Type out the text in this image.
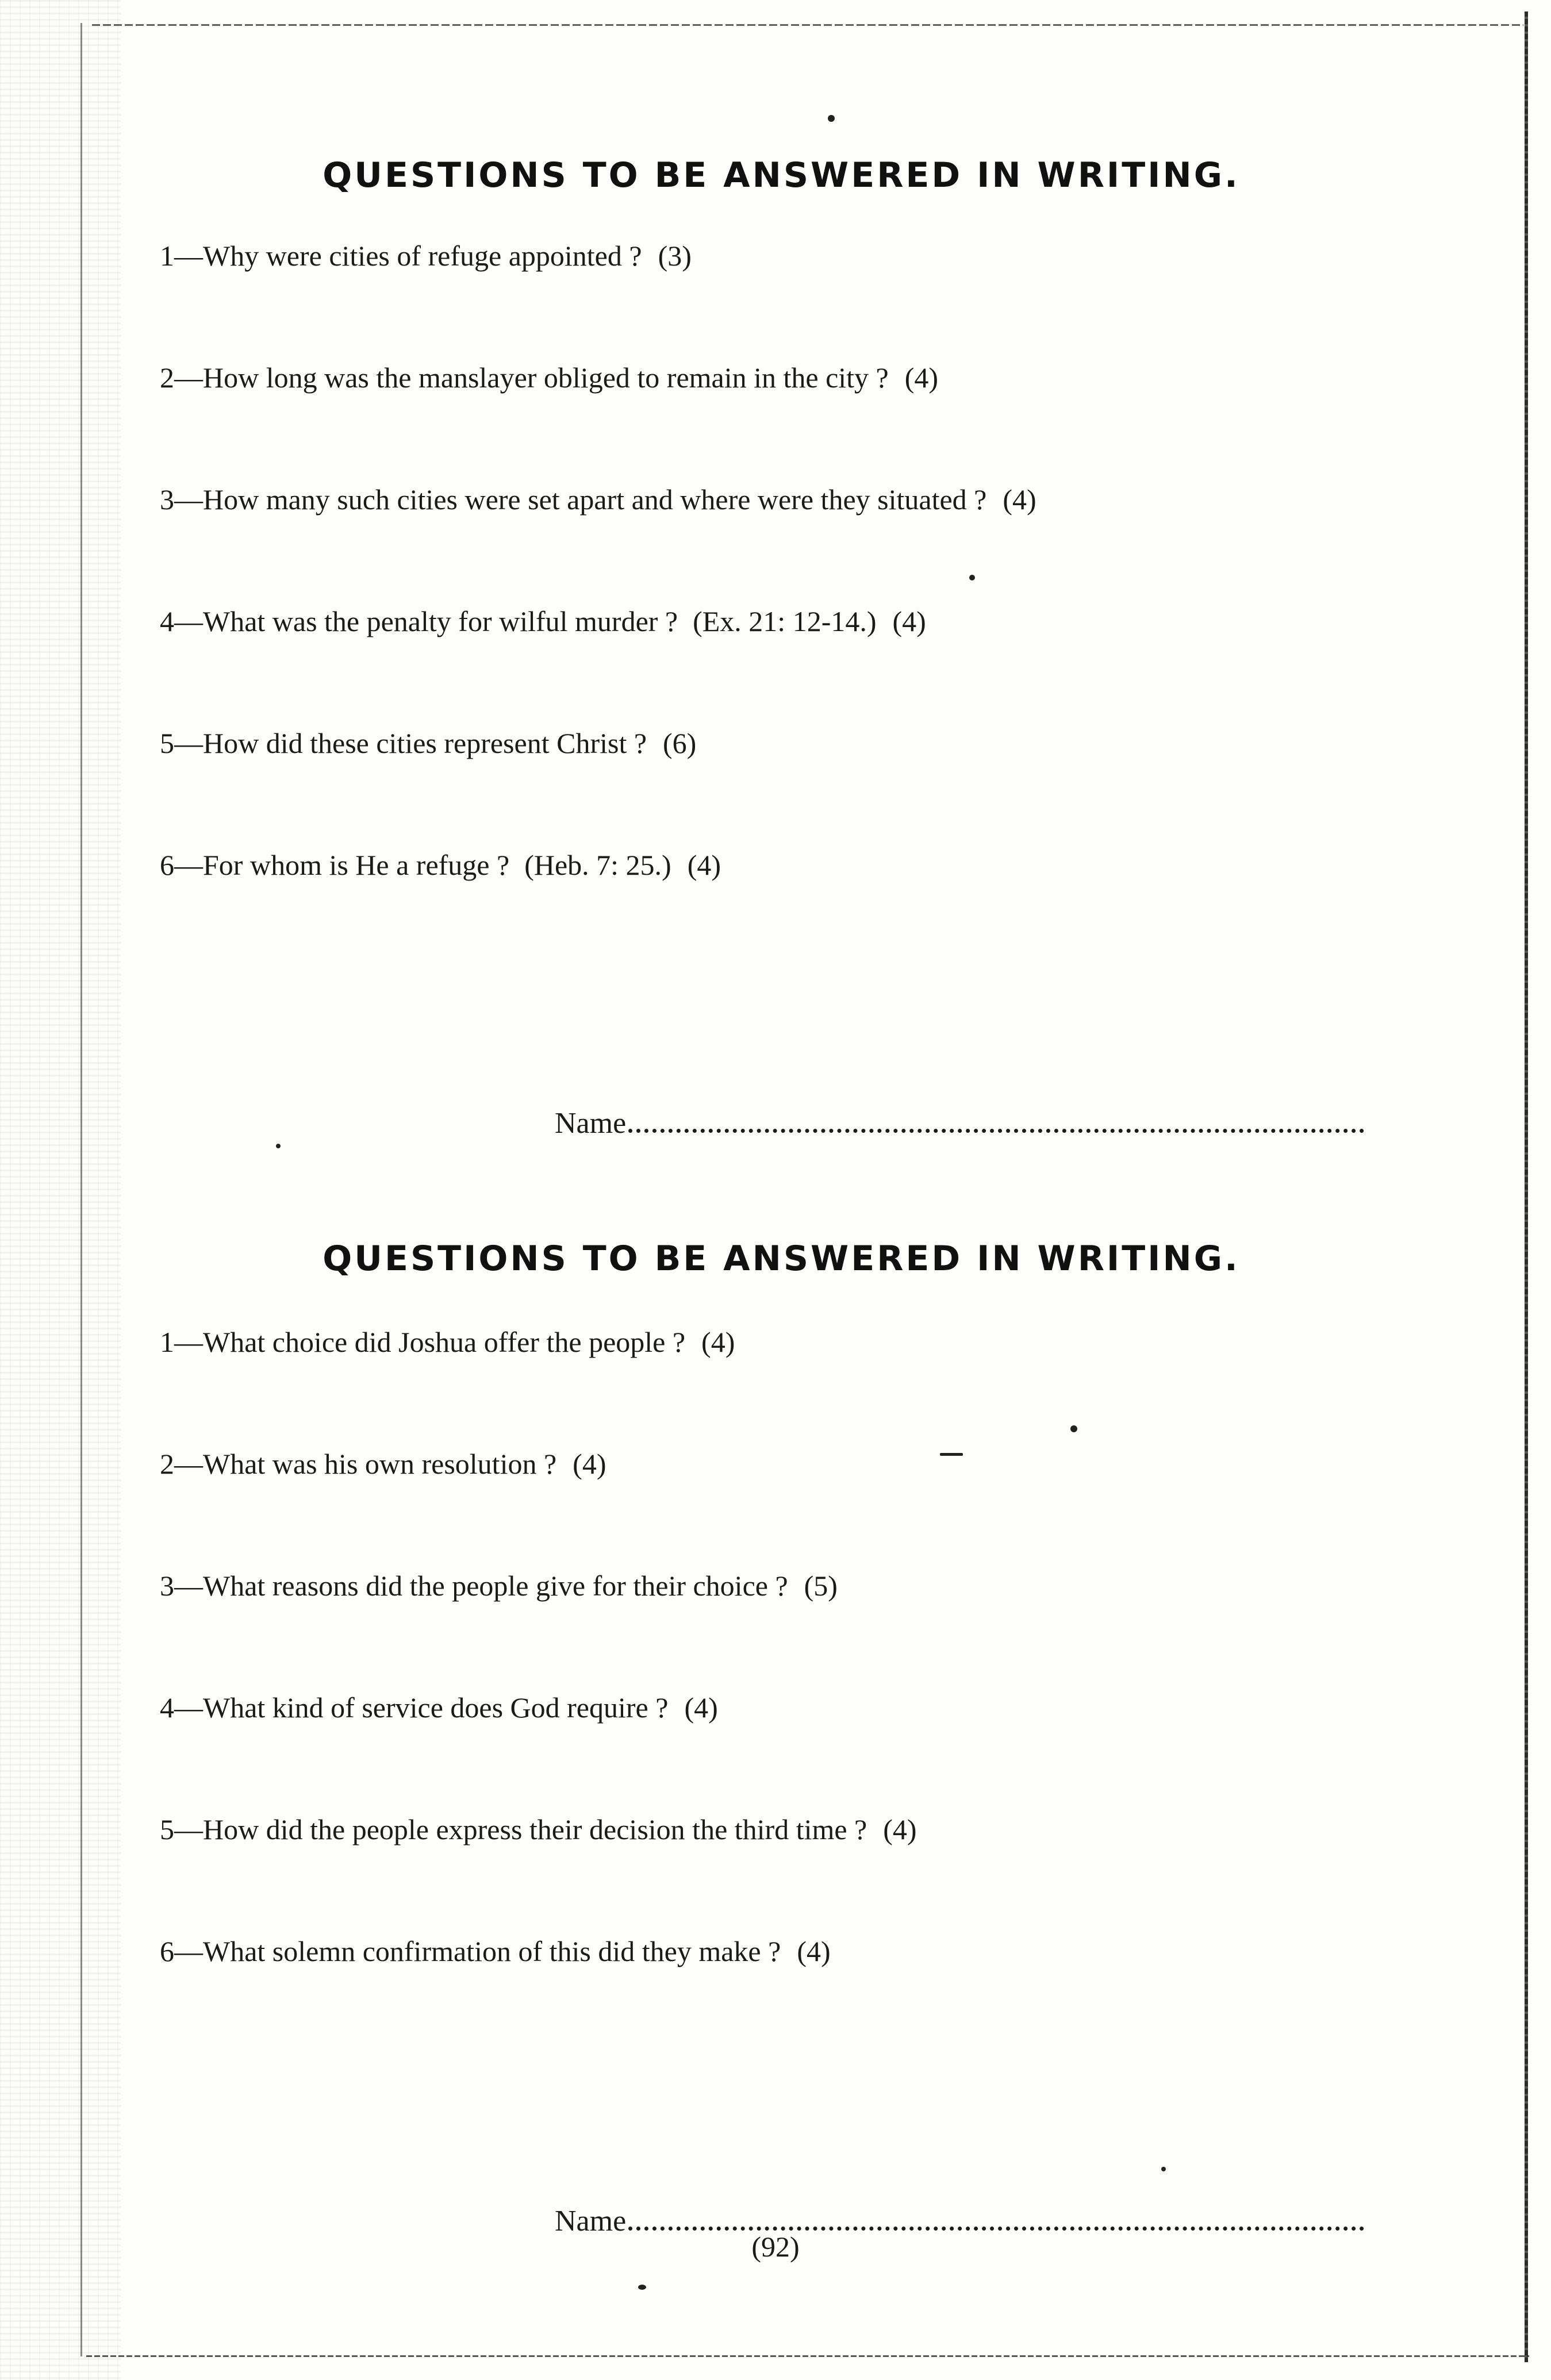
QUESTIONS TO BE ANSWERED IN WRITING.
1—Why were cities of refuge appointed ? (3)
2—How long was the manslayer obliged to remain in the city ? (4)
3—How many such cities were set apart and where were they situated ? (4)
4—What was the penalty for wilful murder ? (Ex. 21: 12-14.) (4)
5—How did these cities represent Christ ? (6)
6—For whom is He a refuge ? (Heb. 7: 25.) (4)
Name
QUESTIONS TO BE ANSWERED IN WRITING.
1—What choice did Joshua offer the people ? (4)
2—What was his own resolution ? (4)
3—What reasons did the people give for their choice ? (5)
4—What kind of service does God require ? (4)
5—How did the people express their decision the third time ? (4)
6—What solemn confirmation of this did they make ? (4)
Name
(92)
